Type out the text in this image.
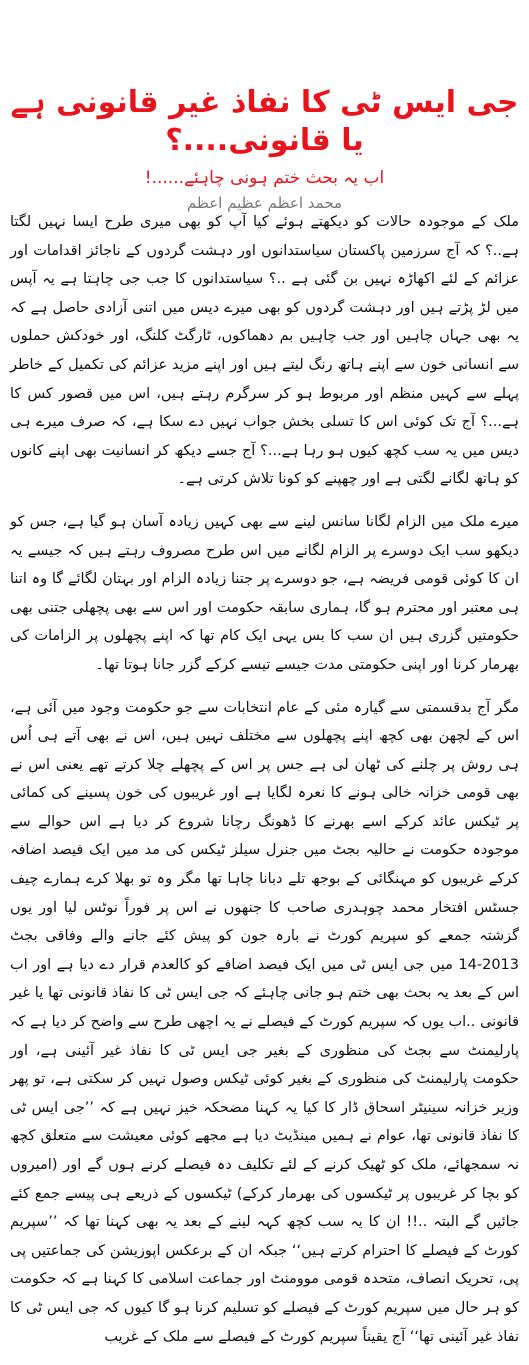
جی ایس ٹی کا نفاذ غیر قانونی ہے یا قانونی....؟
اب یہ بحث ختم ہونی چاہئے......!
محمد اعظم عظیم اعظم

ملک کے موجودہ حالات کو دیکھتے ہوئے کیا آپ کو بھی میری طرح ایسا نہیں لگتا ہے..؟ کہ آج سرزمین پاکستان سیاستدانوں اور دہشت گردوں کے ناجائز اقدامات اور عزائم کے لئے اکھاڑہ نہیں بن گئی ہے ..؟ سیاستدانوں کا جب جی چاہتا ہے یہ آپس میں لڑ پڑتے ہیں اور دہشت گردوں کو بھی میرے دیس میں اتنی آزادی حاصل ہے کہ یہ بھی جہاں چاہیں اور جب چاہیں بم دھماکوں، ٹارگٹ کلنگ، اور خودکش حملوں سے انسانی خون سے اپنے ہاتھ رنگ لیتے ہیں اور اپنے مزید عزائم کی تکمیل کے خاطر پہلے سے کہیں منظم اور مربوط ہو کر سرگرم رہتے ہیں، اس میں قصور کس کا ہے...؟ آج تک کوئی اس کا تسلی بخش جواب نہیں دے سکا ہے، کہ صرف میرے ہی دیس میں یہ سب کچھ کیوں ہو رہا ہے...؟ آج جسے دیکھ کر انسانیت بھی اپنے کانوں کو ہاتھ لگانے لگتی ہے اور چھپنے کو کونا تلاش کرتی ہے۔

میرے ملک میں الزام لگانا سانس لینے سے بھی کہیں زیادہ آسان ہو گیا ہے، جس کو دیکھو سب ایک دوسرے پر الزام لگانے میں اس طرح مصروف رہتے ہیں کہ جیسے یہ ان کا کوئی قومی فریضہ ہے، جو دوسرے پر جتنا زیادہ الزام اور بہتان لگائے گا وہ اتنا ہی معتبر اور محترم ہو گا، ہماری سابقہ حکومت اور اس سے بھی پچھلی جتنی بھی حکومتیں گزری ہیں ان سب کا بس یہی ایک کام تھا کہ اپنے پچھلوں پر الزامات کی بھرمار کرنا اور اپنی حکومتی مدت جیسے تیسے کرکے گزر جانا ہوتا تھا۔

مگر آج بدقسمتی سے گیارہ مئی کے عام انتخابات سے جو حکومت وجود میں آئی ہے، اس کے لچھن بھی کچھ اپنے پچھلوں سے مختلف نہیں ہیں، اس نے بھی آتے ہی اُس ہی روش پر چلنے کی ٹھان لی ہے جس پر اس کے پچھلے چلا کرتے تھے یعنی اس نے بھی قومی خزانہ خالی ہونے کا نعرہ لگایا ہے اور غریبوں کی خون پسینے کی کمائی پر ٹیکس عائد کرکے اسے بھرنے کا ڈھونگ رچانا شروع کر دیا ہے اس حوالے سے موجودہ حکومت نے حالیہ بجٹ میں جنرل سیلز ٹیکس کی مد میں ایک فیصد اضافہ کرکے غریبوں کو مہنگائی کے بوجھ تلے دبانا چاہا تھا مگر وہ تو بھلا کرے ہمارے چیف جسٹس افتخار محمد چوہدری صاحب کا جنھوں نے اس پر فوراً نوٹس لیا اور یوں گزشتہ جمعے کو سپریم کورٹ نے بارہ جون کو پیش کئے جانے والے وفاقی بجٹ 2013-14 میں جی ایس ٹی میں ایک فیصد اضافے کو کالعدم قرار دے دیا ہے اور اب اس کے بعد یہ بحث بھی ختم ہو جانی چاہئے کہ جی ایس ٹی کا نفاذ قانونی تھا یا غیر قانونی ..اب یوں کہ سپریم کورٹ کے فیصلے نے یہ اچھی طرح سے واضح کر دیا ہے کہ پارلیمنٹ سے بجٹ کی منظوری کے بغیر جی ایس ٹی کا نفاذ غیر آئینی ہے، اور حکومت پارلیمنٹ کی منظوری کے بغیر کوئی ٹیکس وصول نہیں کر سکتی ہے، تو پھر وزیر خزانہ سینیٹر اسحاق ڈار کا کیا یہ کہنا مضحکہ خیز نہیں ہے کہ ’’جی ایس ٹی کا نفاذ قانونی تھا، عوام نے ہمیں مینڈیٹ دیا ہے مجھے کوئی معیشت سے متعلق کچھ نہ سمجھائے، ملک کو ٹھیک کرنے کے لئے تکلیف دہ فیصلے کرنے ہوں گے اور (امیروں کو بچا کر غریبوں پر ٹیکسوں کی بھرمار کرکے) ٹیکسوں کے ذریعے ہی پیسے جمع کئے جائیں گے البتہ ..!! ان کا یہ سب کچھ کہہ لینے کے بعد یہ بھی کہنا تھا کہ ’’سپریم کورٹ کے فیصلے کا احترام کرتے ہیں‘‘ جبکہ ان کے برعکس اپوزیشن کی جماعتیں پی پی، تحریک انصاف، متحدہ قومی موومنٹ اور جماعت اسلامی کا کہنا ہے کہ حکومت کو ہر حال میں سپریم کورٹ کے فیصلے کو تسلیم کرنا ہو گا کیوں کہ جی ایس ٹی کا نفاذ غیر آئینی تھا‘‘ آج یقیناً سپریم کورٹ کے فیصلے سے ملک کے غریب
